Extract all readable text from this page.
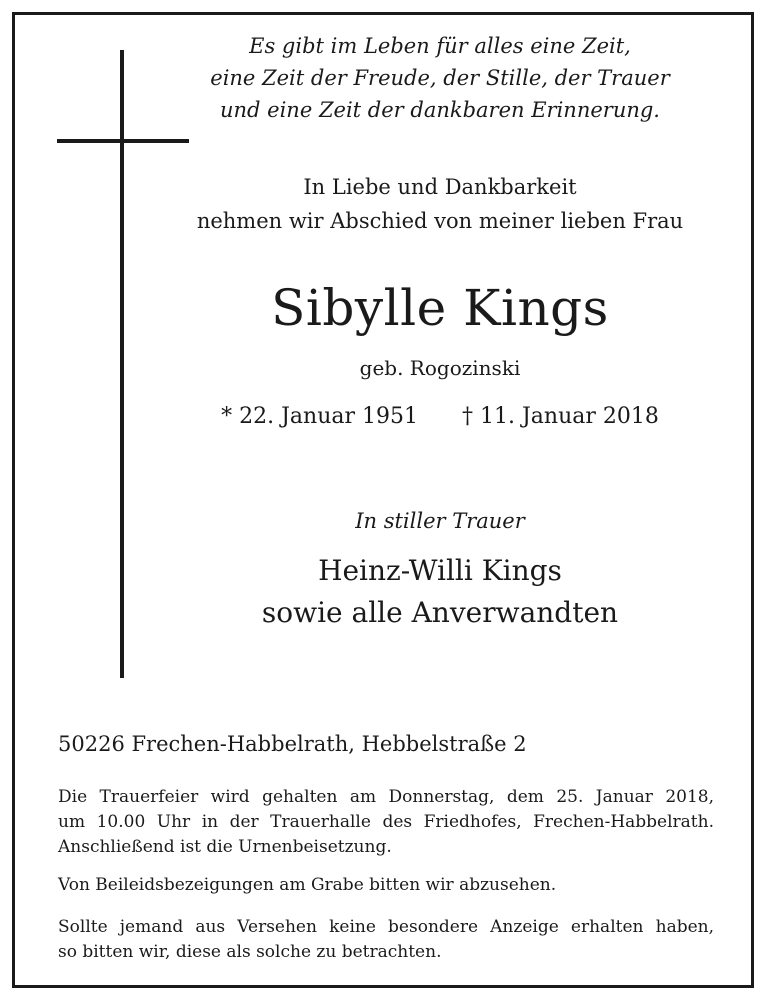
Es gibt im Leben für alles eine Zeit,
eine Zeit der Freude, der Stille, der Trauer
und eine Zeit der dankbaren Erinnerung.
In Liebe und Dankbarkeit
nehmen wir Abschied von meiner lieben Frau
Sibylle Kings
geb. Rogozinski
* 22. Januar 1951 † 11. Januar 2018
In stiller Trauer
Heinz-Willi Kings
sowie alle Anverwandten
50226 Frechen-Habbelrath, Hebbelstraße 2
Die Trauerfeier wird gehalten am Donnerstag, dem 25. Januar 2018,
um 10.00 Uhr in der Trauerhalle des Friedhofes, Frechen-Habbelrath.
Anschließend ist die Urnenbeisetzung.
Von Beileidsbezeigungen am Grabe bitten wir abzusehen.
Sollte jemand aus Versehen keine besondere Anzeige erhalten haben,
so bitten wir, diese als solche zu betrachten.
